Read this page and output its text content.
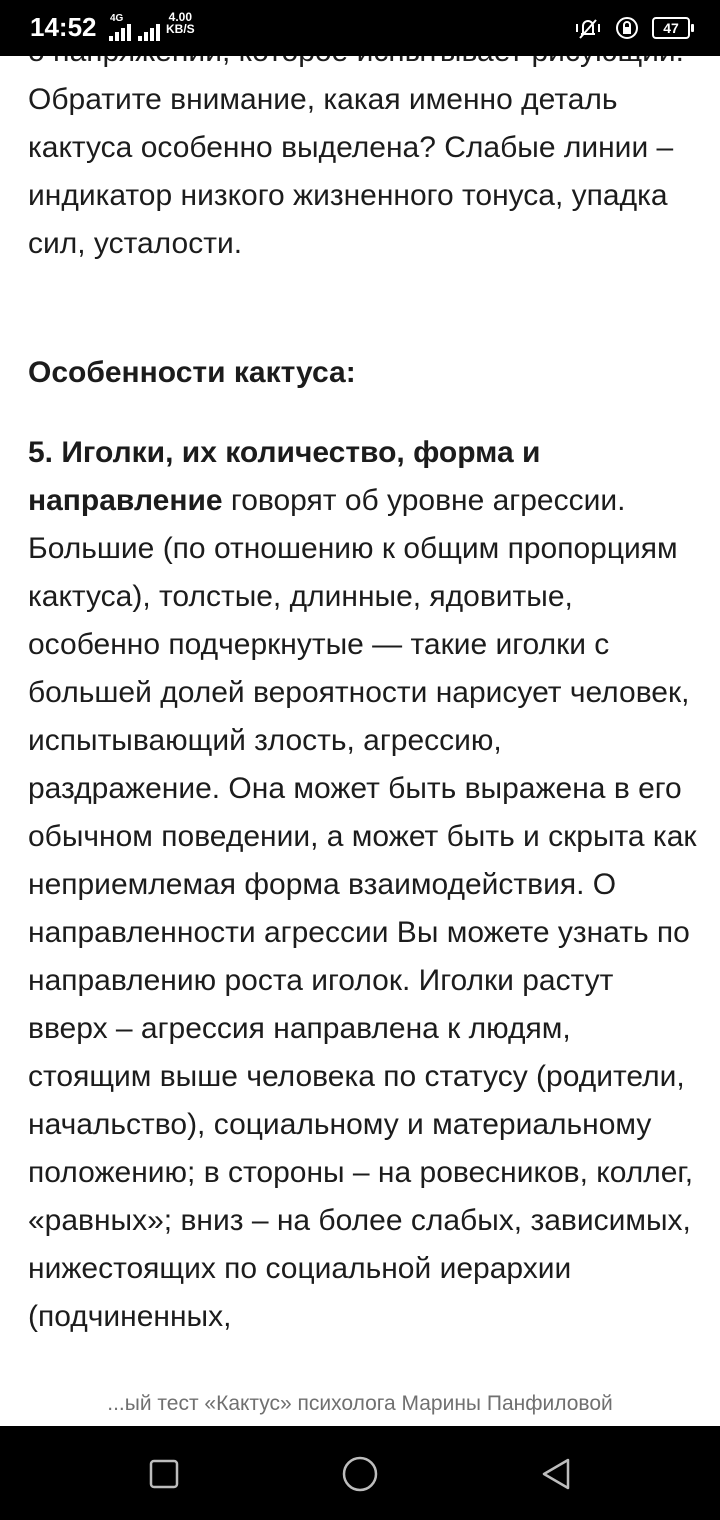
Обратите внимание, какая именно деталь кактуса особенно выделена? Слабые линии – индикатор низкого жизненного тонуса, упадка сил, усталости.

Особенности кактуса:

5. Иголки, их количество, форма и направление говорят об уровне агрессии. Большие (по отношению к общим пропорциям кактуса), толстые, длинные, ядовитые, особенно подчеркнутые — такие иголки с большей долей вероятности нарисует человек, испытывающий злость, агрессию, раздражение. Она может быть выражена в его обычном поведении, а может быть и скрыта как неприемлемая форма взаимодействия. О направленности агрессии Вы можете узнать по направлению роста иголок. Иголки растут вверх – агрессия направлена к людям, стоящим выше человека по статусу (родители, начальство), социальному и материальному положению; в стороны – на ровесников, коллег, «равных»; вниз – на более слабых, зависимых, нижестоящих по социальной иерархии (подчиненных,

14:52 4G	4.00
KB/S	47
...ый тест «Кактус» психолога Марины Панфиловой
